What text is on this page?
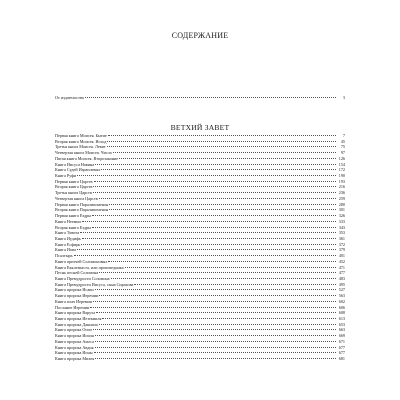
СОДЕРЖАНИЕ
От издательства	3
ВЕТХИЙ ЗАВЕТ
Первая книга Моисея. Бытие	7
Вторая книга Моисея. Исход	45
Третья книга Моисея. Левит	75
Четвертая книга Моисея. Числа	97
Пятая книга Моисея. Второзаконие	126
Книга Иисуса Навина	154
Книга Судей Израилевых	172
Книга Руфи	190
Первая книга Царств	193
Вторая книга Царств	216
Третья книга Царств	236
Четвертая книга Царств	259
Первая книга Паралипоменон	280
Вторая книга Паралипоменон	301
Первая книга Ездры	326
Книга Неемии	333
Вторая книга Ездры	343
Книга Товита	353
Книга Иудифь	361
Книга Есфирь	372
Книга Иова	379
Псалтырь	401
Книга притчей Соломоновых	452
Книга Екклезиаста, или проповедника	471
Песнь песней Соломона	477
Книга Премудрости Соломона	483
Книга Премудрости Иисуса, сына Сирахова	495
Книга пророка Исаии	527
Книга пророка Иеремии	563
Книга плач Иеремии	602
Послание Иеремии	606
Книга пророка Варуха	608
Книга пророка Иезекииля	613
Книга пророка Даниила	653
Книга пророка Осии	663
Книга пророка Иоиля	669
Книга пророка Амоса	671
Книга пророка Авдия	677
Книга пророка Ионы	677
Книга пророка Михея	681
